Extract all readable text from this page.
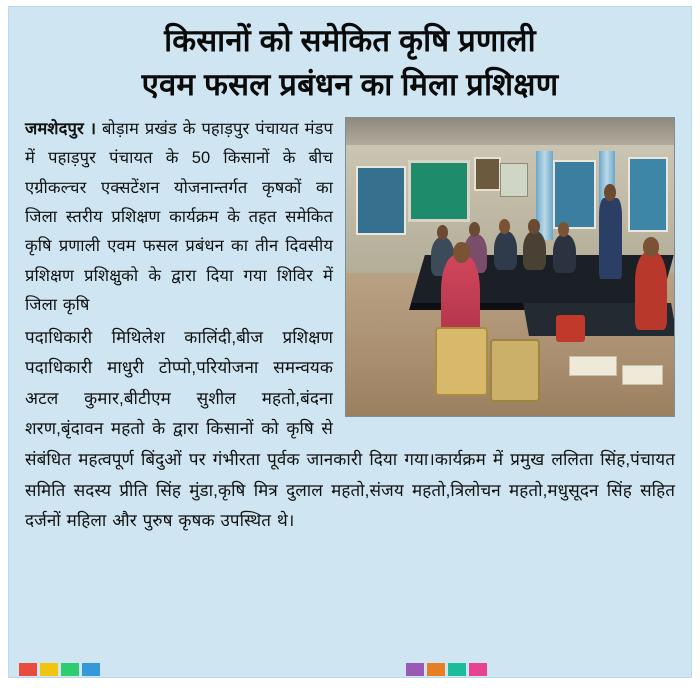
किसानों को समेकित कृषि प्रणाली
एवम फसल प्रबंधन का मिला प्रशिक्षण
जमशेदपुर । बोड़ाम प्रखंड के पहाड़पुर पंचायत मंडप में पहाड़पुर पंचायत के 50 किसानों के बीच एग्रीकल्चर एक्सटेंशन योजनान्तर्गत कृषकों का जिला स्तरीय प्रशिक्षण कार्यक्रम के तहत समेकित कृषि प्रणाली एवम फसल प्रबंधन का तीन दिवसीय प्रशिक्षण प्रशिक्षुको के द्वारा दिया गया शिविर में जिला कृषि
पदाधिकारी मिथिलेश कालिंदी,बीज प्रशिक्षण पदाधिकारी माधुरी टोप्पो,परियोजना समन्वयक अटल कुमार,बीटीएम सुशील महतो,बंदना शरण,बृंदावन महतो के द्वारा किसानों को कृषि से संबंधित महत्वपूर्ण बिंदुओं पर गंभीरता पूर्वक जानकारी दिया गया।कार्यक्रम में प्रमुख ललिता सिंह,पंचायत समिति सदस्य प्रीति सिंह मुंडा,कृषि मित्र दुलाल महतो,संजय महतो,त्रिलोचन महतो,मधुसूदन सिंह सहित दर्जनों महिला और पुरुष कृषक उपस्थित थे।
